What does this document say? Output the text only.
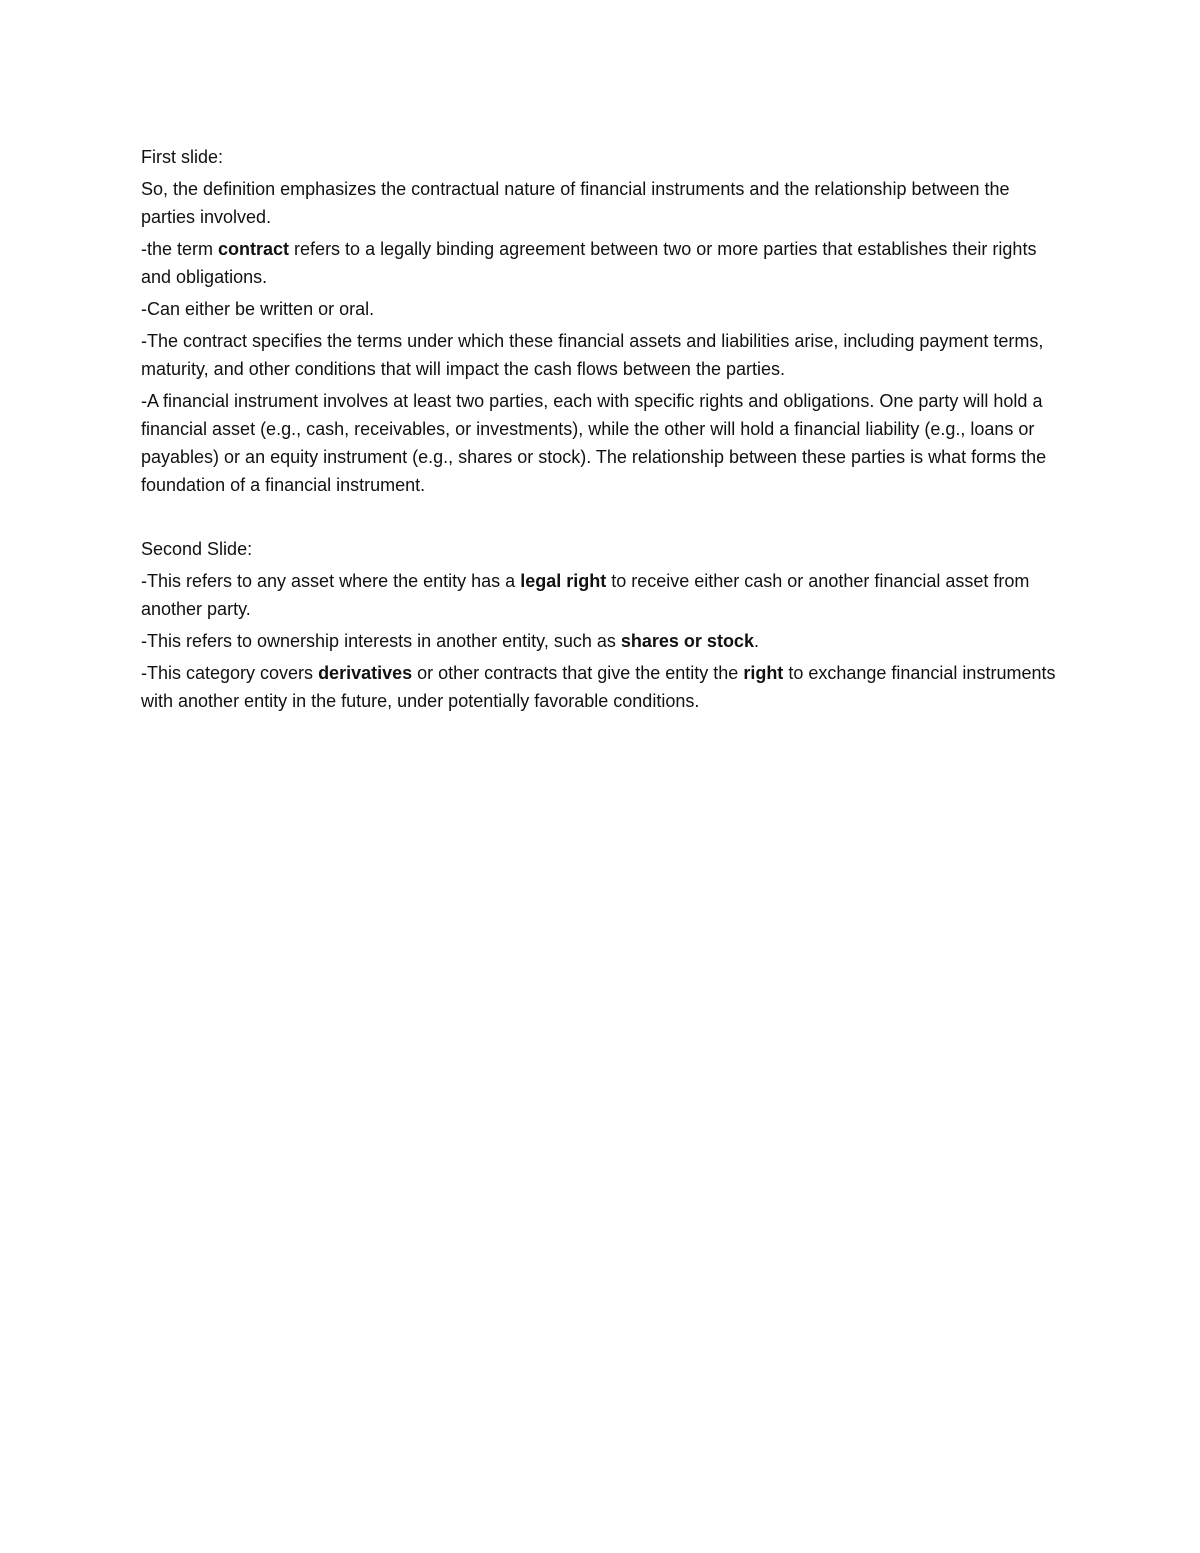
First slide:

So, the definition emphasizes the contractual nature of financial instruments and the relationship between the parties involved.

-the term contract refers to a legally binding agreement between two or more parties that establishes their rights and obligations.

-Can either be written or oral.

-The contract specifies the terms under which these financial assets and liabilities arise, including payment terms, maturity, and other conditions that will impact the cash flows between the parties.

-A financial instrument involves at least two parties, each with specific rights and obligations. One party will hold a financial asset (e.g., cash, receivables, or investments), while the other will hold a financial liability (e.g., loans or payables) or an equity instrument (e.g., shares or stock). The relationship between these parties is what forms the foundation of a financial instrument.

Second Slide:

-This refers to any asset where the entity has a legal right to receive either cash or another financial asset from another party.

-This refers to ownership interests in another entity, such as shares or stock.

-This category covers derivatives or other contracts that give the entity the right to exchange financial instruments with another entity in the future, under potentially favorable conditions.
